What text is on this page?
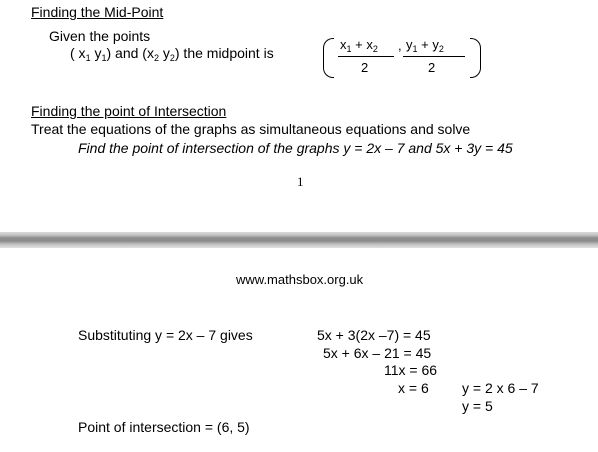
Finding the Mid-Point
Given the points
( $x_1$ $y_1$) and ($x_2$ $y_2$) the midpoint is
$x_1 + x_2$ , $y_1 + y_2$
2	2
Finding the point of Intersection
Treat the equations of the graphs as simultaneous equations and solve
Find the point of intersection of the graphs y = 2x – 7 and 5x + 3y = 45
1
www.mathsbox.org.uk
Substituting y = 2x – 7 gives	5x + 3(2x –7) = 45
5x + 6x – 21 = 45
11x = 66
x = 6 y = 2 x 6 – 7
y = 5
Point of intersection = (6, 5)
